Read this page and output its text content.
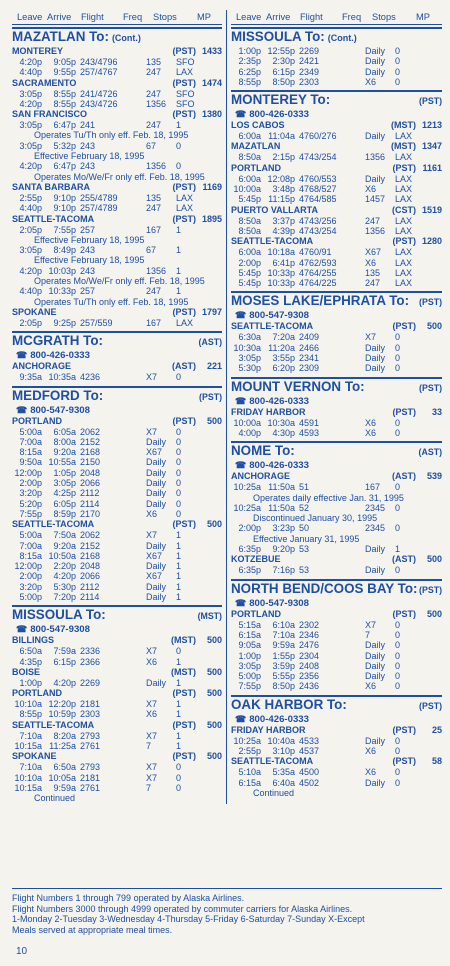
Leave Arrive	Flight	Freq	Stops	MP
MAZATLAN To: (Cont.)
MONTEREY	(PST) 1433
4:20p	9:05p 243/4796	135	SFO
4:40p	9:55p 257/4767	247	LAX
SACRAMENTO	(PST) 1474
3:05p	8:55p 241/4726	247	SFO
4:20p	8:55p 243/4726	1356	SFO
SAN FRANCISCO	(PST) 1380
3:05p	6:47p 241	247	1
Operates Tu/Th only eff. Feb. 18, 1995
3:05p	5:32p 243	67	0
Effective February 18, 1995
4:20p	6:47p 243	1356	0
Operates Mo/We/Fr only eff. Feb. 18, 1995
SANTA BARBARA	(PST) 1169
2:55p	9:10p 255/4789	135	LAX
4:40p	9:10p 257/4789	247	LAX
SEATTLE-TACOMA	(PST) 1895
2:05p	7:55p 257	167	1
Effective February 18, 1995
3:05p	8:49p 243	67	1
Effective February 18, 1995
4:20p 10:03p 243	1356	1
Operates Mo/We/Fr only eff. Feb. 18, 1995
4:40p 10:33p 257	247	1
Operates Tu/Th only eff. Feb. 18, 1995
SPOKANE	(PST) 1797
2:05p	9:25p 257/559	167	LAX
MCGRATH To:	(AST)
☎ 800-426-0333
ANCHORAGE	(AST)	221
9:35a 10:35a 4236	X7	0
MEDFORD To:	(PST)
☎ 800-547-9308
PORTLAND	(PST)	500
5:00a	6:05a 2062	X7	0
7:00a	8:00a 2152	Daily	0
8:15a	9:20a 2168	X67	0
9:50a 10:55a 2150	Daily	0
12:00p	1:05p 2048	Daily	0
2:00p	3:05p 2066	Daily	0
3:20p	4:25p 2112	Daily	0
5:20p	6:05p 2114	Daily	0
7:55p	8:59p 2170	X6	0
SEATTLE-TACOMA	(PST)	500
5:00a	7:50a 2062	X7	1
7:00a	9:20a 2152	Daily	1
8:15a 10:50a 2168	X67	1
12:00p	2:20p 2048	Daily	1
2:00p	4:20p 2066	X67	1
3:20p	5:30p 2112	Daily	1
5:00p	7:20p 2114	Daily	1
MISSOULA To:	(MST)
☎ 800-547-9308
BILLINGS	(MST)	500
6:50a	7:59a 2336	X7	0
4:35p	6:15p 2366	X6	1
BOISE	(MST)	500
1:00p	4:20p 2269	Daily	1
PORTLAND	(PST)	500
10:10a 12:20p 2181	X7	1
8:55p 10:59p 2303	X6	1
SEATTLE-TACOMA	(PST)	500
7:10a	8:20a 2793	X7	1
10:15a 11:25a 2761	7	1
SPOKANE	(PST)	500
7:10a	6:50a 2793	X7	0
10:10a 10:05a 2181	X7	0
10:15a	9:59a 2761	7	0
Continued
Leave Arrive	Flight	Freq	Stops	MP
MISSOULA To: (Cont.)
1:00p 12:55p 2269	Daily	0
2:35p	2:30p 2421	Daily	0
6:25p	6:15p 2349	Daily	0
8:55p	8:50p 2303	X6	0
MONTEREY To:	(PST)
☎ 800-426-0333
LOS CABOS	(MST) 1213
6:00a 11:04a 4760/276	Daily	LAX
MAZATLAN	(MST) 1347
8:50a	2:15p 4743/254	1356	LAX
PORTLAND	(PST) 1161
6:00a 12:08p 4760/553	Daily	LAX
10:00a	3:48p 4768/527	X6	LAX
5:45p 11:15p 4764/585	1457	LAX
PUERTO VALLARTA	(CST) 1519
8:50a	3:37p 4743/256	247	LAX
8:50a	4:39p 4743/254	1356	LAX
SEATTLE-TACOMA	(PST) 1280
6:00a 10:18a 4760/91	X67	LAX
2:00p	6:41p 4762/593	X6	LAX
5:45p 10:33p 4764/255	135	LAX
5:45p 10:33p 4764/225	247	LAX
MOSES LAKE/EPHRATA To: (PST)
☎ 800-547-9308
SEATTLE-TACOMA	(PST)	500
6:30a	7:20a 2409	X7	0
10:30a 11:20a 2466	Daily	0
3:05p	3:55p 2341	Daily	0
5:30p	6:20p 2309	Daily	0
MOUNT VERNON To:	(PST)
☎ 800-426-0333
FRIDAY HARBOR	(PST)	33
10:00a 10:30a 4591	X6	0
4:00p	4:30p 4593	X6	0
NOME To:	(AST)
☎ 800-426-0333
ANCHORAGE	(AST)	539
10:25a 11:50a 51	167	0
Operates daily effective Jan. 31, 1995
10:25a 11:50a 52	2345	0
Discontinued January 30, 1995
2:00p	3:23p 50	2345	0
Effective January 31, 1995
6:35p	9:20p 53	Daily	1
KOTZEBUE	(AST)	500
6:35p	7:16p 53	Daily	0
NORTH BEND/COOS BAY To: (PST)
☎ 800-547-9308
PORTLAND	(PST)	500
5:15a	6:10a 2302	X7	0
6:15a	7:10a 2346	7	0
9:05a	9:59a 2476	Daily	0
1:00p	1:55p 2304	Daily	0
3:05p	3:59p 2408	Daily	0
5:00p	5:55p 2356	Daily	0
7:55p	8:50p 2436	X6	0
OAK HARBOR To:	(PST)
☎ 800-426-0333
FRIDAY HARBOR	(PST)	25
10:25a 10:40a 4533	Daily	0
2:55p	3:10p 4537	X6	0
SEATTLE-TACOMA	(PST)	58
5:10a	5:35a 4500	X6	0
6:15a	6:40a 4502	Daily	0
Continued
Flight Numbers 1 through 799 operated by Alaska Airlines.
Flight Numbers 3000 through 4999 operated by commuter carriers for Alaska Airlines.
1-Monday 2-Tuesday 3-Wednesday 4-Thursday 5-Friday 6-Saturday 7-Sunday X-Except
Meals served at appropriate meal times.
10
